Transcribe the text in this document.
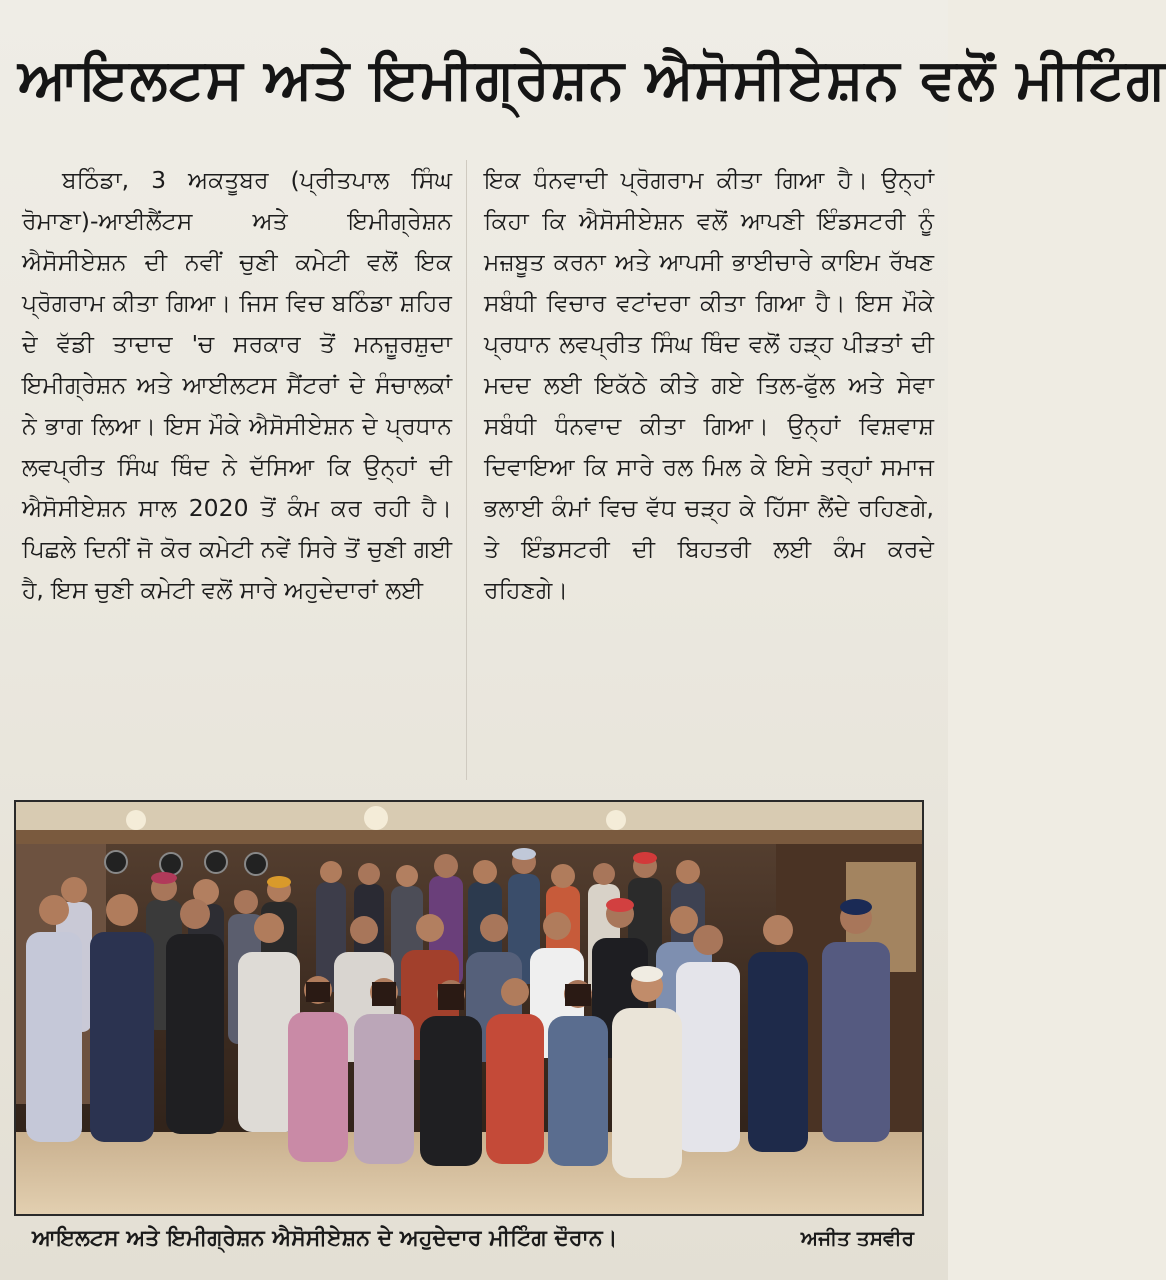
ਆਇਲਟਸ ਅਤੇ ਇਮੀਗ੍ਰੇਸ਼ਨ ਐਸੋਸੀਏਸ਼ਨ ਵਲੋਂ ਮੀਟਿੰਗ

ਬਠਿੰਡਾ, 3 ਅਕਤੂਬਰ (ਪ੍ਰੀਤਪਾਲ ਸਿੰਘ ਰੋਮਾਣਾ)-ਆਈਲੈਂਟਸ ਅਤੇ ਇਮੀਗ੍ਰੇਸ਼ਨ ਐਸੋਸੀਏਸ਼ਨ ਦੀ ਨਵੀਂ ਚੁਣੀ ਕਮੇਟੀ ਵਲੋਂ ਇਕ ਪ੍ਰੋਗਰਾਮ ਕੀਤਾ ਗਿਆ। ਜਿਸ ਵਿਚ ਬਠਿੰਡਾ ਸ਼ਹਿਰ ਦੇ ਵੱਡੀ ਤਾਦਾਦ 'ਚ ਸਰਕਾਰ ਤੋਂ ਮਨਜ਼ੂਰਸ਼ੁਦਾ ਇਮੀਗ੍ਰੇਸ਼ਨ ਅਤੇ ਆਈਲਟਸ ਸੈਂਟਰਾਂ ਦੇ ਸੰਚਾਲਕਾਂ ਨੇ ਭਾਗ ਲਿਆ। ਇਸ ਮੌਕੇ ਐਸੋਸੀਏਸ਼ਨ ਦੇ ਪ੍ਰਧਾਨ ਲਵਪ੍ਰੀਤ ਸਿੰਘ ਥਿੰਦ ਨੇ ਦੱਸਿਆ ਕਿ ਉਨ੍ਹਾਂ ਦੀ ਐਸੋਸੀਏਸ਼ਨ ਸਾਲ 2020 ਤੋਂ ਕੰਮ ਕਰ ਰਹੀ ਹੈ। ਪਿਛਲੇ ਦਿਨੀਂ ਜੋ ਕੋਰ ਕਮੇਟੀ ਨਵੇਂ ਸਿਰੇ ਤੋਂ ਚੁਣੀ ਗਈ ਹੈ, ਇਸ ਚੁਣੀ ਕਮੇਟੀ ਵਲੋਂ ਸਾਰੇ ਅਹੁਦੇਦਾਰਾਂ ਲਈ

ਇਕ ਧੰਨਵਾਦੀ ਪ੍ਰੋਗਰਾਮ ਕੀਤਾ ਗਿਆ ਹੈ। ਉਨ੍ਹਾਂ ਕਿਹਾ ਕਿ ਐਸੋਸੀਏਸ਼ਨ ਵਲੋਂ ਆਪਣੀ ਇੰਡਸਟਰੀ ਨੂੰ ਮਜ਼ਬੂਤ ਕਰਨਾ ਅਤੇ ਆਪਸੀ ਭਾਈਚਾਰੇ ਕਾਇਮ ਰੱਖਣ ਸਬੰਧੀ ਵਿਚਾਰ ਵਟਾਂਦਰਾ ਕੀਤਾ ਗਿਆ ਹੈ। ਇਸ ਮੌਕੇ ਪ੍ਰਧਾਨ ਲਵਪ੍ਰੀਤ ਸਿੰਘ ਥਿੰਦ ਵਲੋਂ ਹੜ੍ਹ ਪੀੜਤਾਂ ਦੀ ਮਦਦ ਲਈ ਇਕੱਠੇ ਕੀਤੇ ਗਏ ਤਿਲ-ਫੁੱਲ ਅਤੇ ਸੇਵਾ ਸਬੰਧੀ ਧੰਨਵਾਦ ਕੀਤਾ ਗਿਆ। ਉਨ੍ਹਾਂ ਵਿਸ਼ਵਾਸ਼ ਦਿਵਾਇਆ ਕਿ ਸਾਰੇ ਰਲ ਮਿਲ ਕੇ ਇਸੇ ਤਰ੍ਹਾਂ ਸਮਾਜ ਭਲਾਈ ਕੰਮਾਂ ਵਿਚ ਵੱਧ ਚੜ੍ਹ ਕੇ ਹਿੱਸਾ ਲੈਂਦੇ ਰਹਿਣਗੇ, ਤੇ ਇੰਡਸਟਰੀ ਦੀ ਬਿਹਤਰੀ ਲਈ ਕੰਮ ਕਰਦੇ ਰਹਿਣਗੇ।

ਆਇਲਟਸ ਅਤੇ ਇਮੀਗ੍ਰੇਸ਼ਨ ਐਸੋਸੀਏਸ਼ਨ ਦੇ ਅਹੁਦੇਦਾਰ ਮੀਟਿੰਗ ਦੌਰਾਨ।	ਅਜੀਤ ਤਸਵੀਰ
